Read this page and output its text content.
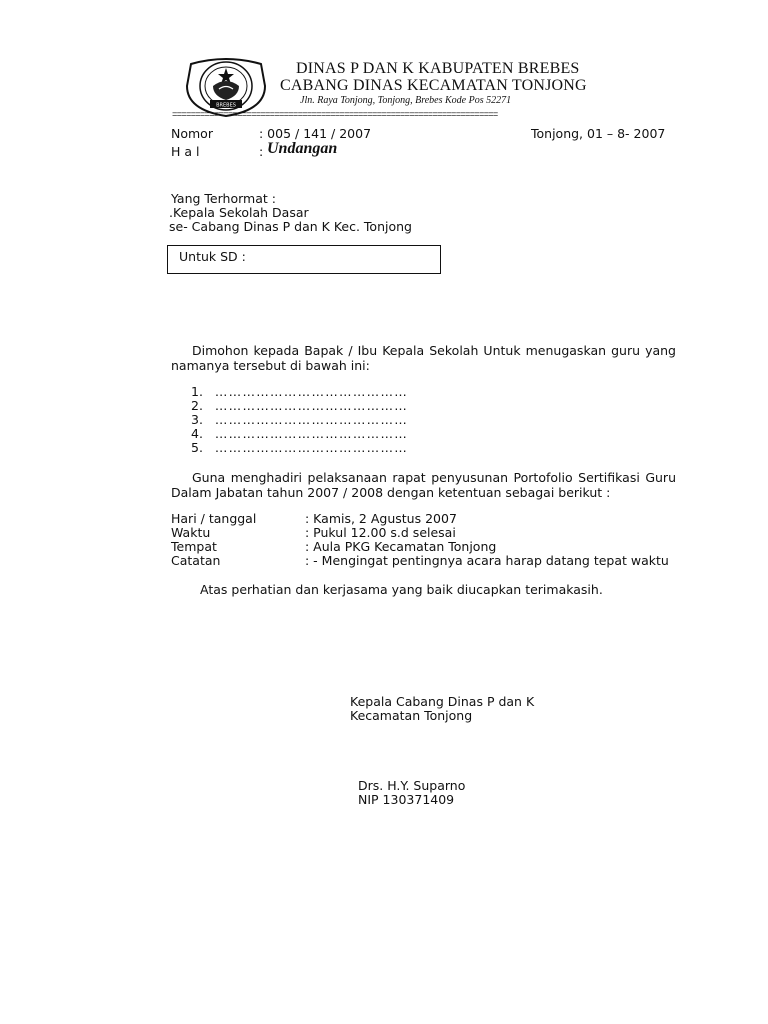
BREBES
DINAS P DAN K KABUPATEN BREBES
CABANG DINAS KECAMATAN TONJONG
Jln. Raya Tonjong, Tonjong, Brebes Kode Pos 52271
======================================================================
Nomor	: 005 / 141 / 2007	Tonjong, 01 – 8- 2007
H a l	: Undangan
Yang Terhormat :
.Kepala Sekolah Dasar
se- Cabang Dinas P dan K Kec. Tonjong
Untuk SD :
Dimohon kepada Bapak / Ibu Kepala Sekolah Untuk menugaskan guru yang namanya tersebut di bawah ini:
1. ……………………………………
2. ……………………………………
3. ……………………………………
4. ……………………………………
5. ……………………………………
Guna menghadiri pelaksanaan rapat penyusunan Portofolio Sertifikasi Guru Dalam Jabatan tahun 2007 / 2008 dengan ketentuan sebagai berikut :
Hari / tanggal	: Kamis, 2 Agustus 2007
Waktu	: Pukul 12.00 s.d selesai
Tempat	: Aula PKG Kecamatan Tonjong
Catatan	: - Mengingat pentingnya acara harap datang tepat waktu
Atas perhatian dan kerjasama yang baik diucapkan terimakasih.
Kepala Cabang Dinas P dan K
Kecamatan Tonjong
Drs. H.Y. Suparno
NIP 130371409
